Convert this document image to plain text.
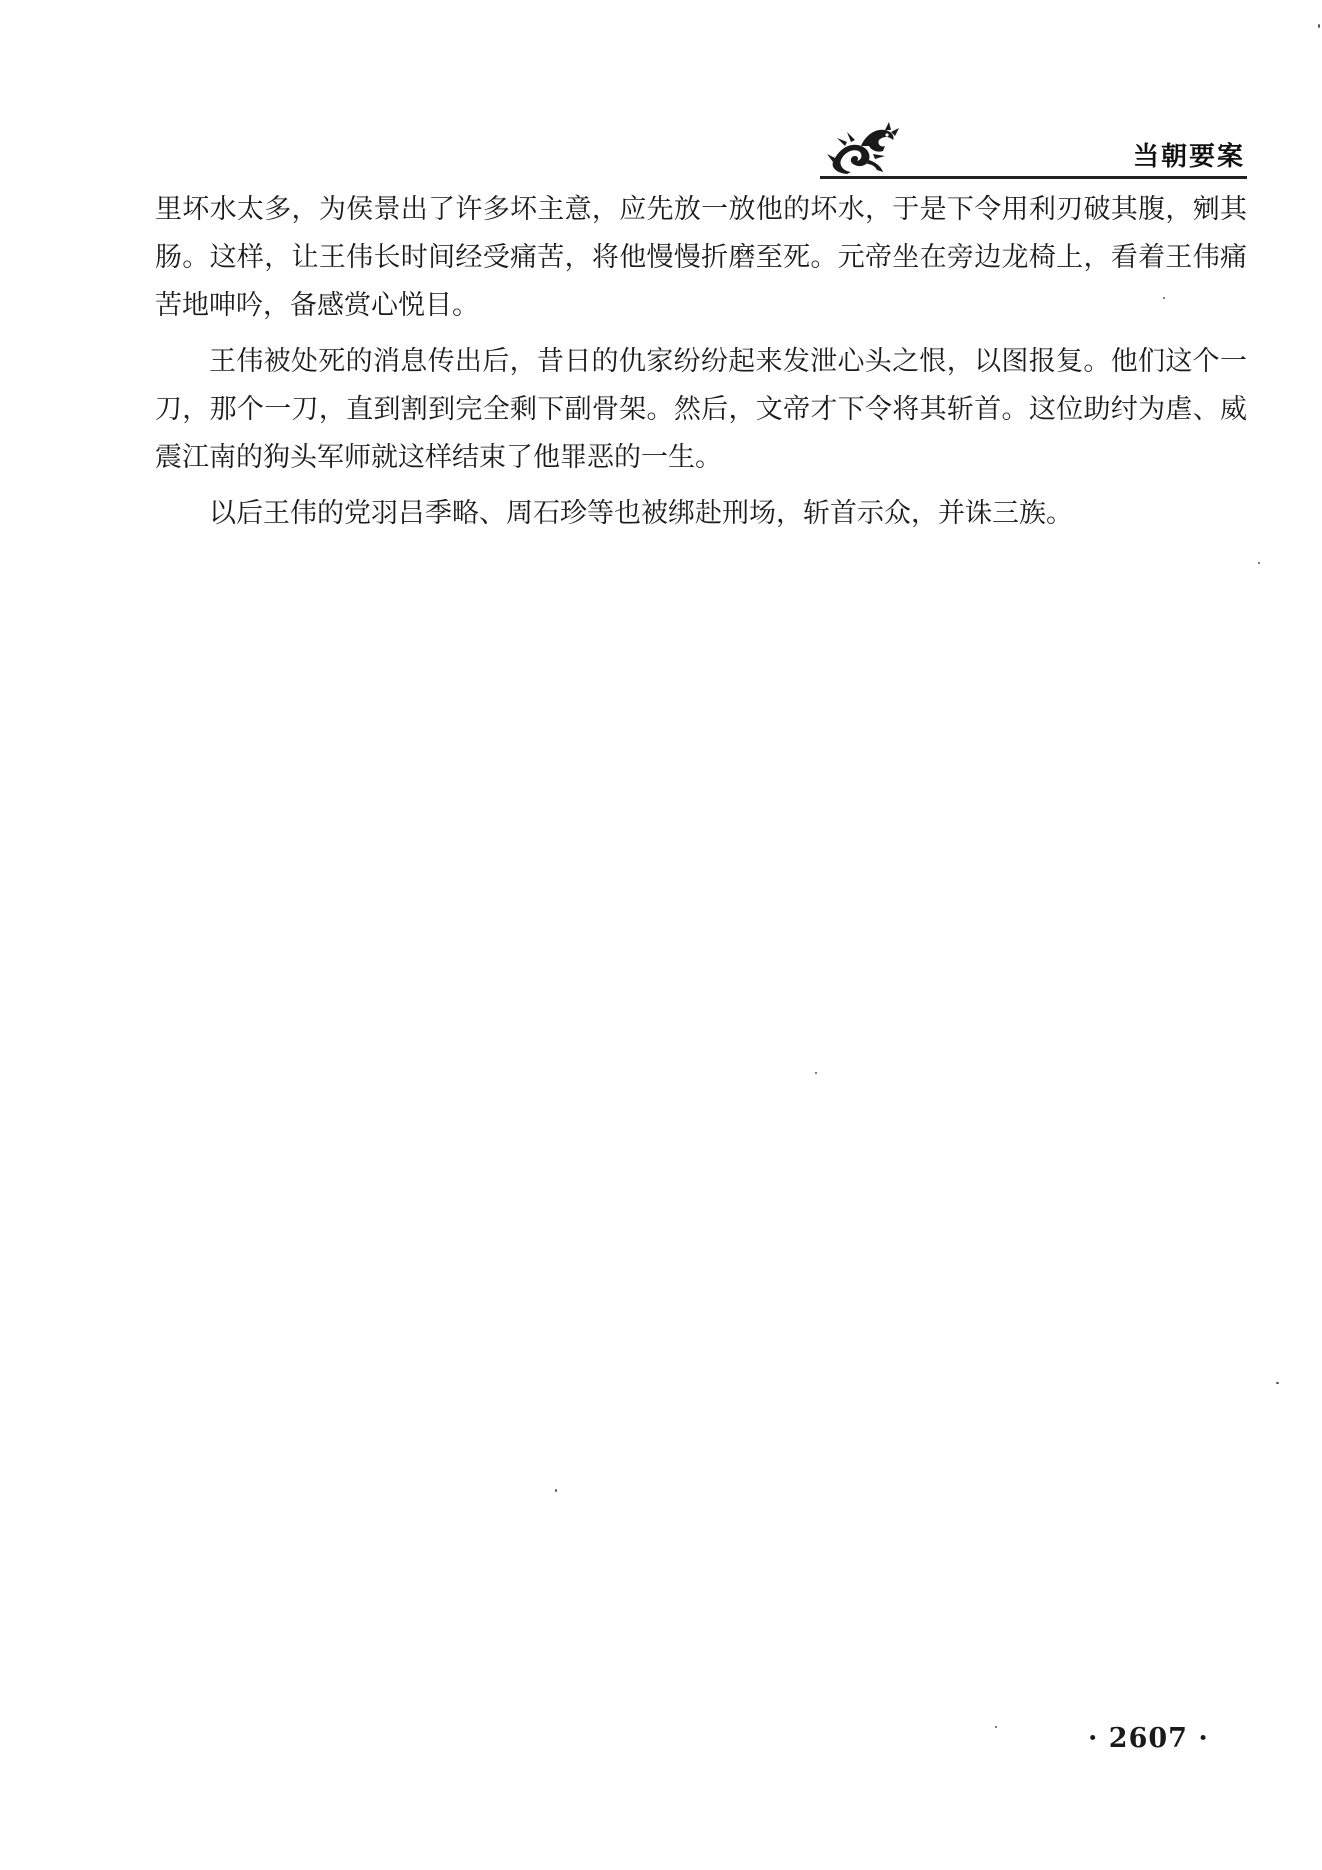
当朝要案

里坏水太多，为侯景出了许多坏主意，应先放一放他的坏水，于是下令用利刃破其腹，剜其肠。这样，让王伟长时间经受痛苦，将他慢慢折磨至死。元帝坐在旁边龙椅上，看着王伟痛苦地呻吟，备感赏心悦目。

王伟被处死的消息传出后，昔日的仇家纷纷起来发泄心头之恨，以图报复。他们这个一刀，那个一刀，直到割到完全剩下副骨架。然后，文帝才下令将其斩首。这位助纣为虐、威震江南的狗头军师就这样结束了他罪恶的一生。

以后王伟的党羽吕季略、周石珍等也被绑赴刑场，斩首示众，并诛三族。

· 2607 ·
